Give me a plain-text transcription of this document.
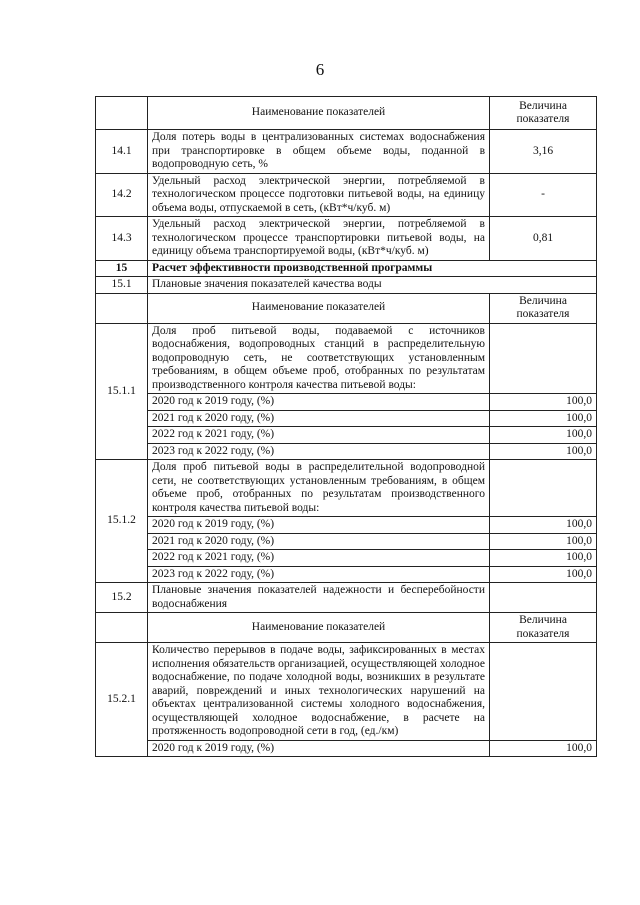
6
	Наименование показателей	Величина показателя
14.1	Доля потерь воды в централизованных системах водоснабжения при транспортировке в общем объеме воды, поданной в водопроводную сеть, %	3,16
14.2	Удельный расход электрической энергии, потребляемой в технологическом процессе подготовки питьевой воды, на единицу объема воды, отпускаемой в сеть, (кВт*ч/куб. м)	-
14.3	Удельный расход электрической энергии, потребляемой в технологическом процессе транспортировки питьевой воды, на единицу объема транспортируемой воды, (кВт*ч/куб. м)	0,81
15	Расчет эффективности производственной программы	
15.1	Плановые значения показателей качества воды	
	Наименование показателей	Величина показателя
15.1.1	Доля проб питьевой воды, подаваемой с источников водоснабжения, водопроводных станций в распределительную водопроводную сеть, не соответствующих установленным требованиям, в общем объеме проб, отобранных по результатам производственного контроля качества питьевой воды:	
	2020 год к 2019 году, (%)	100,0
	2021 год к 2020 году, (%)	100,0
	2022 год к 2021 году, (%)	100,0
	2023 год к 2022 году, (%)	100,0
15.1.2	Доля проб питьевой воды в распределительной водопроводной сети, не соответствующих установленным требованиям, в общем объеме проб, отобранных по результатам производственного контроля качества питьевой воды:	
	2020 год к 2019 году, (%)	100,0
	2021 год к 2020 году, (%)	100,0
	2022 год к 2021 году, (%)	100,0
	2023 год к 2022 году, (%)	100,0
15.2	Плановые значения показателей надежности и бесперебойности водоснабжения	
	Наименование показателей	Величина показателя
15.2.1	Количество перерывов в подаче воды, зафиксированных в местах исполнения обязательств организацией, осуществляющей холодное водоснабжение, по подаче холодной воды, возникших в результате аварий, повреждений и иных технологических нарушений на объектах централизованной системы холодного водоснабжения, осуществляющей холодное водоснабжение, в расчете на протяженность водопроводной сети в год, (ед./км)	
	2020 год к 2019 году, (%)	100,0
